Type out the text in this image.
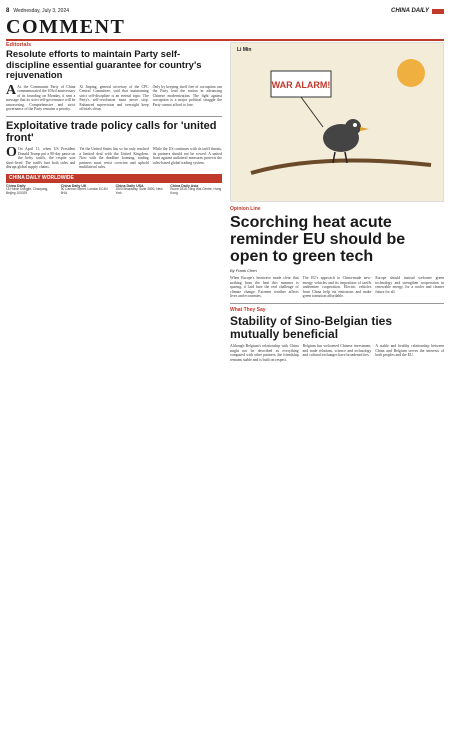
8 Wednesday, July 3, 2024	CHINA DAILY
COMMENT
Editorials
Resolute efforts to maintain Party self-discipline essential guarantee for country's rejuvenation
A As the Communist Party of China commemorated the 103rd anniversary of its founding on Monday, it sent a message that its strict self-governance will be unwavering. Comprehensive and strict governance of the Party remains a priority.
Xi Jinping, general secretary of the CPC Central Committee, said that maintaining strict self-discipline is an eternal topic. The Party's self-revolution must never stop. Enhanced supervision and oversight keep officials clean.
Only by keeping itself free of corruption can the Party lead the nation in advancing Chinese modernization. The fight against corruption is a major political struggle the Party cannot afford to lose.
Exploitative trade policy calls for 'united front'
O On April 11, when US President Donald Trump put a 90-day pause on the hefty tariffs, the respite was short-lived. The tariffs hurt both sides and disrupt global supply chains.
Yet the United States has so far only reached a limited deal with the United Kingdom. Now with the deadline looming, trading partners must resist coercion and uphold multilateral rules.
While the US continues with its tariff threats, its partners should not be cowed. A united front against unilateral measures protects the rules-based global trading system.
CHINA DAILY WORLDWIDE
China Daily
15 Huixin Dongjie, Chaoyang, Beijing 100029
China Daily UK
90 Cannon Street, London EC4N 6HA
China Daily USA
1500 Broadway, Suite 2800, New York
China Daily Asia
Room 1818, Hing Wai Centre, Hong Kong
Li Min
WAR ALARM!
Opinion Line
Scorching heat acute reminder EU should be open to green tech
By Frank Chen
When Europe's heatwave made clear that nothing from the heat this summer is sparing, it laid bare the real challenge of climate change. Extreme weather affects lives and economies.
The EU's approach to China-made new-energy vehicles and its imposition of tariffs undermine cooperation. Electric vehicles from China help cut emissions and make green transition affordable.
Europe should instead welcome green technology and strengthen cooperation in renewable energy, for a cooler and cleaner future for all.
What They Say
Stability of Sino-Belgian ties mutually beneficial
Although Belgium's relationship with China might not be described as everything compared with other partners, the friendship remains stable and is built on respect.
Belgium has welcomed Chinese investment, and trade relations, science and technology and cultural exchanges have broadened ties.
A stable and healthy relationship between China and Belgium serves the interests of both peoples and the EU.
